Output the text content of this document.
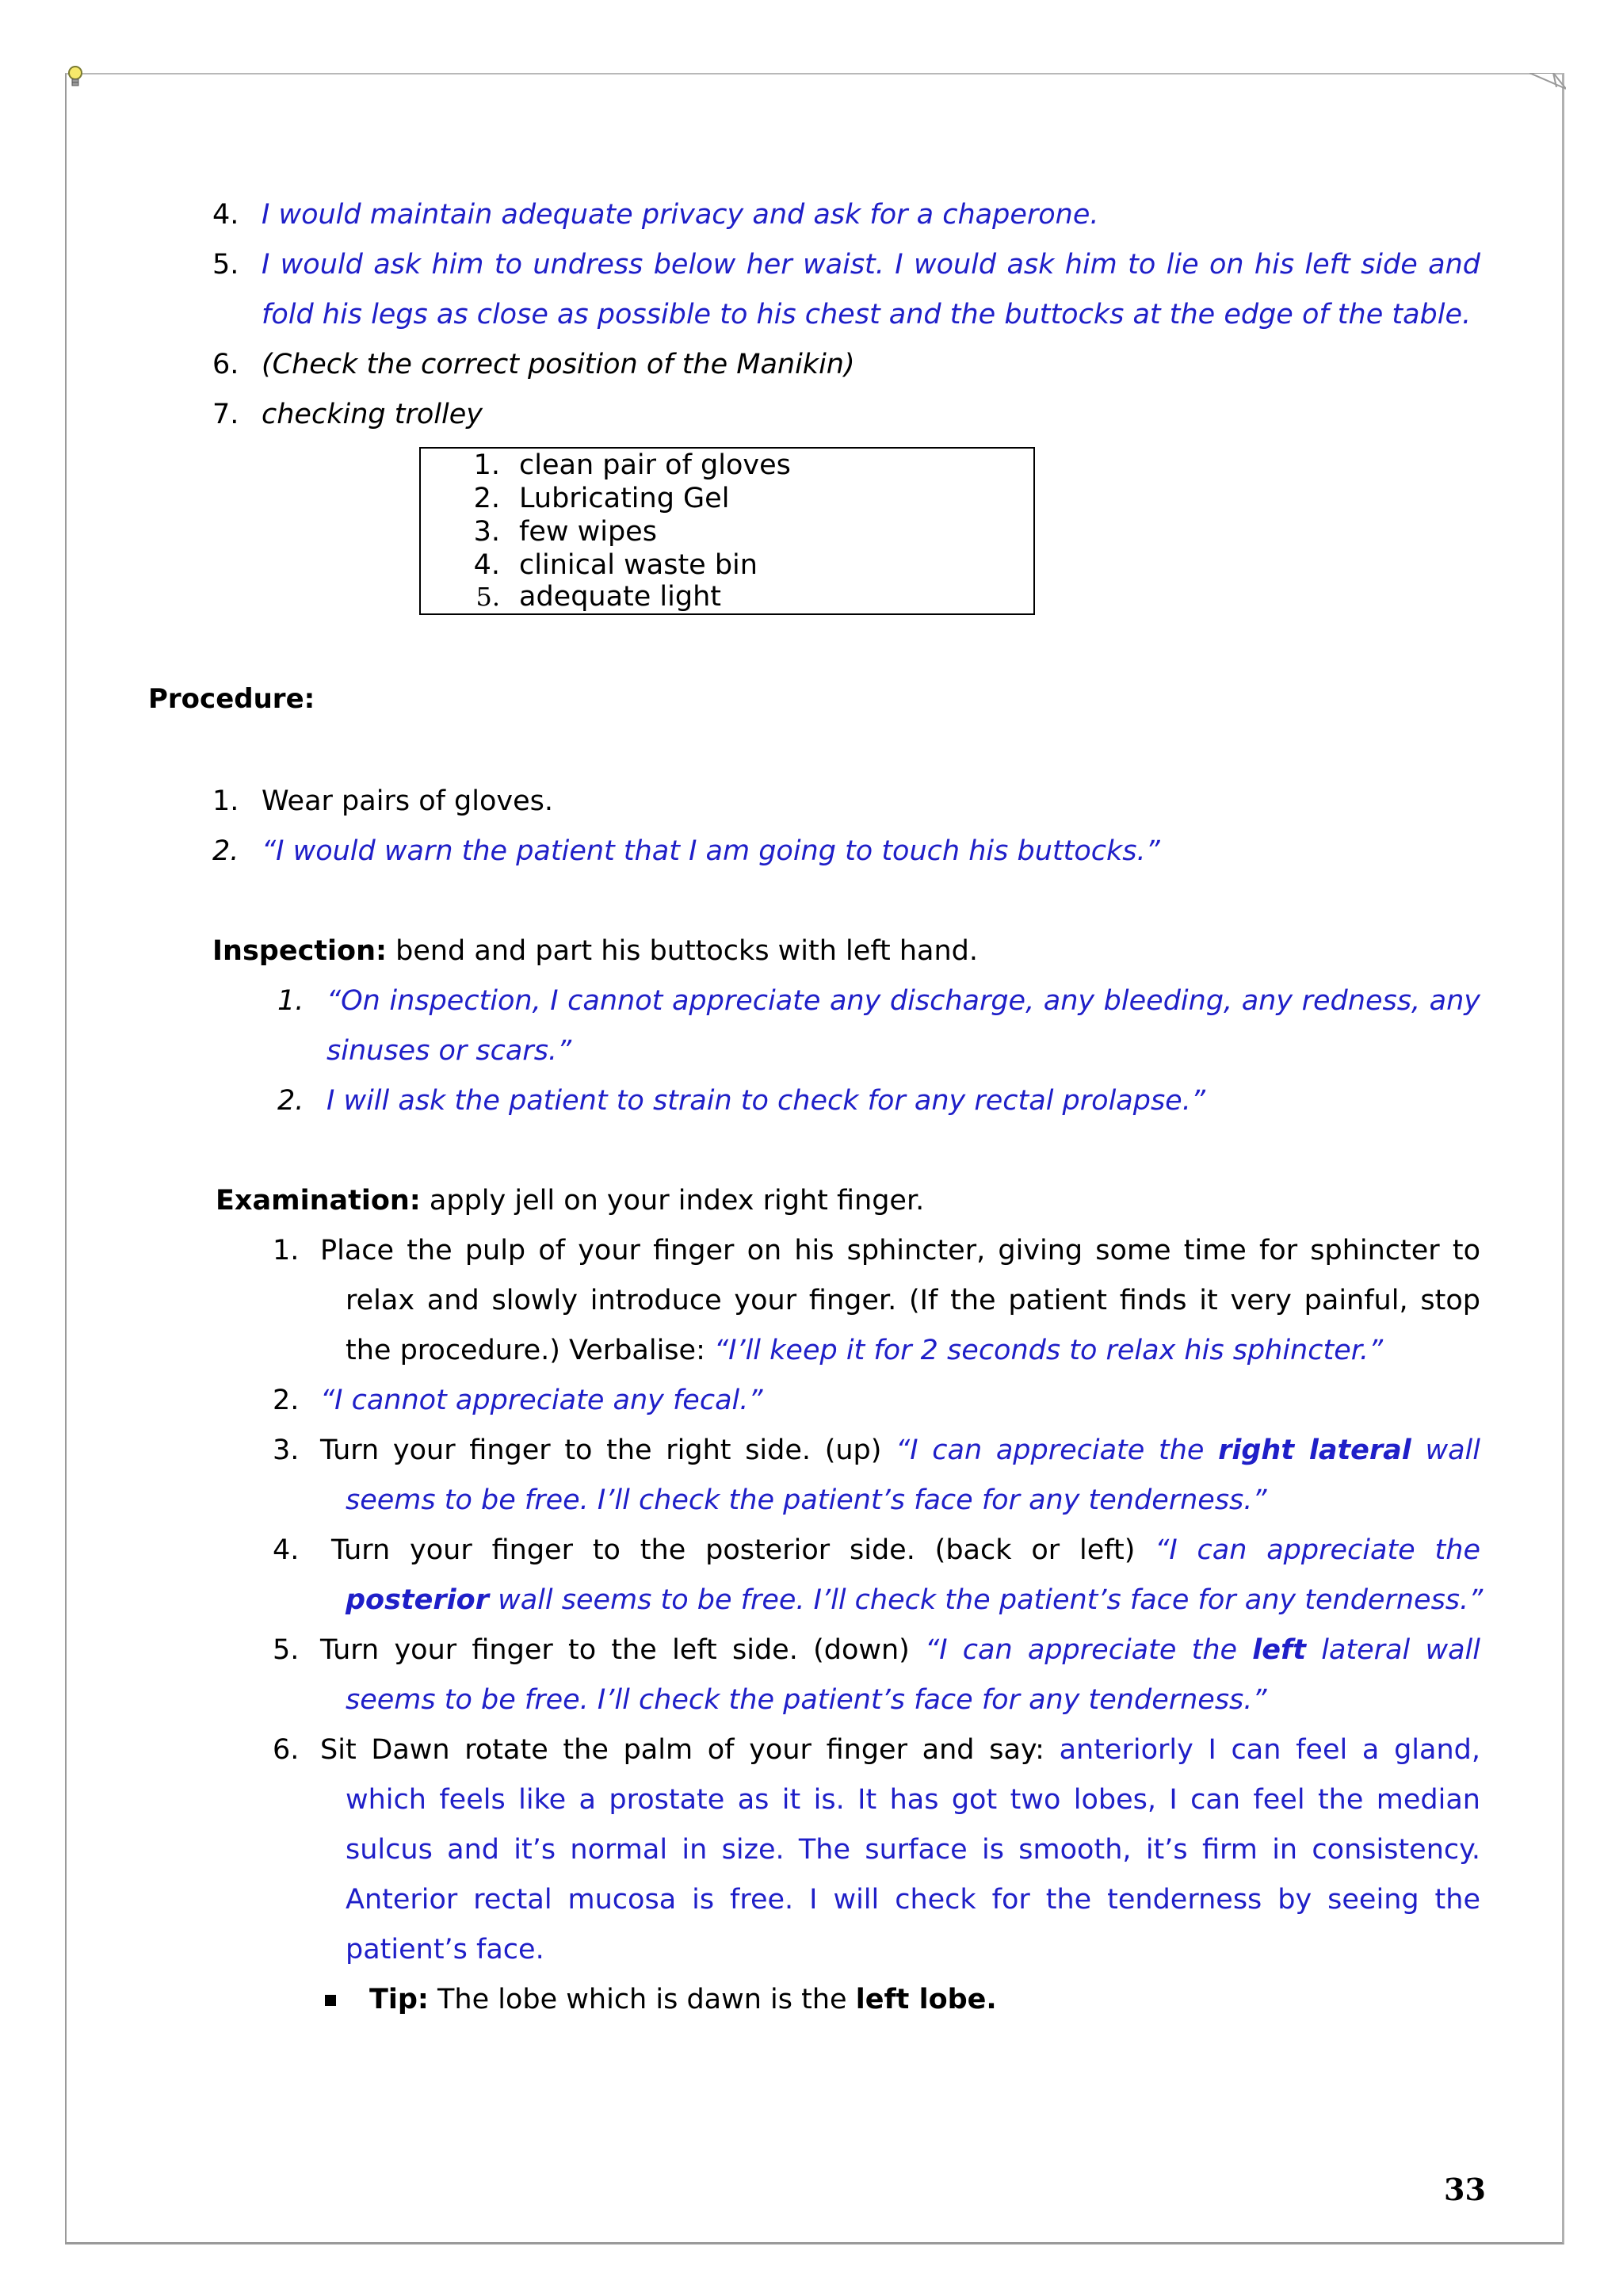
4. I would maintain adequate privacy and ask for a chaperone.
5. I would ask him to undress below her waist. I would ask him to lie on his left side and
fold his legs as close as possible to his chest and the buttocks at the edge of the table.
6. (Check the correct position of the Manikin)
7. checking trolley
1. clean pair of gloves
2. Lubricating Gel
3. few wipes
4. clinical waste bin
5. adequate light
Procedure:
1. Wear pairs of gloves.
2. “I would warn the patient that I am going to touch his buttocks.”
Inspection: bend and part his buttocks with left hand.
1. “On inspection, I cannot appreciate any discharge, any bleeding, any redness, any
sinuses or scars.”
2. I will ask the patient to strain to check for any rectal prolapse.”
Examination: apply jell on your index right finger.
1. Place the pulp of your finger on his sphincter, giving some time for sphincter to
relax and slowly introduce your finger. (If the patient finds it very painful, stop
the procedure.) Verbalise: “I’ll keep it for 2 seconds to relax his sphincter.”
2. “I cannot appreciate any fecal.”
3. Turn your finger to the right side. (up) “I can appreciate the right lateral wall
seems to be free. I’ll check the patient’s face for any tenderness.”
4. Turn your finger to the posterior side. (back or left) “I can appreciate the
posterior wall seems to be free. I’ll check the patient’s face for any tenderness.”
5. Turn your finger to the left side. (down) “I can appreciate the left lateral wall
seems to be free. I’ll check the patient’s face for any tenderness.”
6. Sit Dawn rotate the palm of your finger and say: anteriorly I can feel a gland,
which feels like a prostate as it is. It has got two lobes, I can feel the median
sulcus and it’s normal in size. The surface is smooth, it’s firm in consistency.
Anterior rectal mucosa is free. I will check for the tenderness by seeing the
patient’s face.
Tip: The lobe which is dawn is the left lobe.
33
